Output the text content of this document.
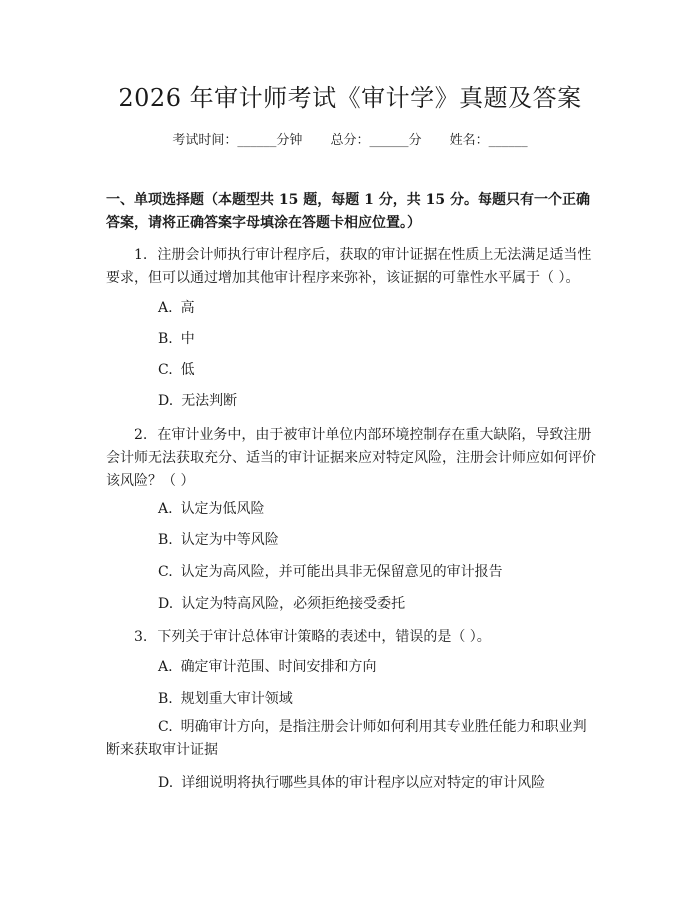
2026 年审计师考试《审计学》真题及答案
考试时间：______分钟 总分：______分 姓名：______
一、单项选择题（本题型共 15 题，每题 1 分，共 15 分。每题只有一个正确答案，请将正确答案字母填涂在答题卡相应位置。）
1. 注册会计师执行审计程序后，获取的审计证据在性质上无法满足适当性要求，但可以通过增加其他审计程序来弥补，该证据的可靠性水平属于（ ）。
A. 高
B. 中
C. 低
D. 无法判断
2. 在审计业务中，由于被审计单位内部环境控制存在重大缺陷，导致注册会计师无法获取充分、适当的审计证据来应对特定风险，注册会计师应如何评价该风险？（ ）
A. 认定为低风险
B. 认定为中等风险
C. 认定为高风险，并可能出具非无保留意见的审计报告
D. 认定为特高风险，必须拒绝接受委托
3. 下列关于审计总体审计策略的表述中，错误的是（ ）。
A. 确定审计范围、时间安排和方向
B. 规划重大审计领域
C. 明确审计方向，是指注册会计师如何利用其专业胜任能力和职业判断来获取审计证据
D. 详细说明将执行哪些具体的审计程序以应对特定的审计风险
